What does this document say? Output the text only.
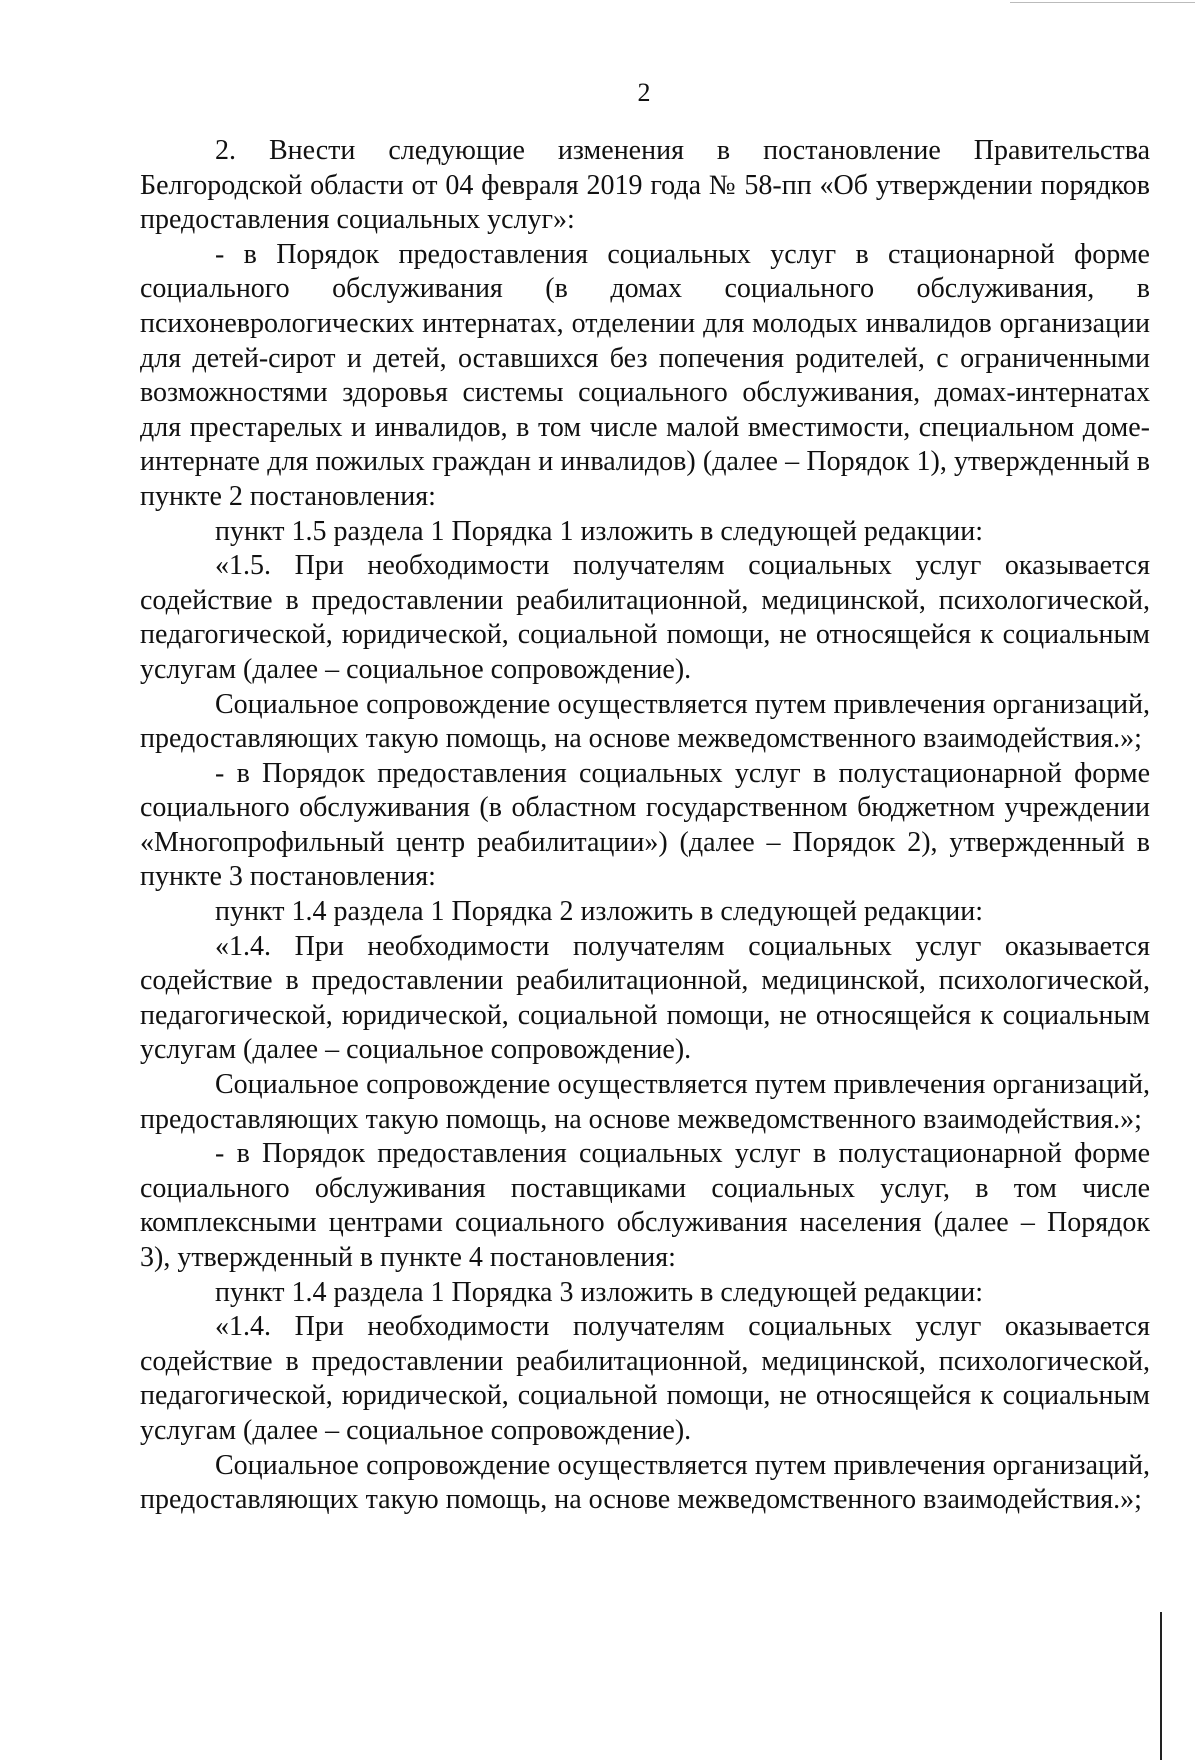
2

2. Внести следующие изменения в постановление Правительства Белгородской области от 04 февраля 2019 года № 58-пп «Об утверждении порядков предоставления социальных услуг»:

- в Порядок предоставления социальных услуг в стационарной форме социального обслуживания (в домах социального обслуживания, в психоневрологических интернатах, отделении для молодых инвалидов организации для детей-сирот и детей, оставшихся без попечения родителей, с ограниченными возможностями здоровья системы социального обслуживания, домах-интернатах для престарелых и инвалидов, в том числе малой вместимости, специальном доме-интернате для пожилых граждан и инвалидов) (далее – Порядок 1), утвержденный в пункте 2 постановления:

пункт 1.5 раздела 1 Порядка 1 изложить в следующей редакции:

«1.5. При необходимости получателям социальных услуг оказывается содействие в предоставлении реабилитационной, медицинской, психологической, педагогической, юридической, социальной помощи, не относящейся к социальным услугам (далее – социальное сопровождение).

Социальное сопровождение осуществляется путем привлечения организаций, предоставляющих такую помощь, на основе межведомственного взаимодействия.»;

- в Порядок предоставления социальных услуг в полустационарной форме социального обслуживания (в областном государственном бюджетном учреждении «Многопрофильный центр реабилитации») (далее – Порядок 2), утвержденный в пункте 3 постановления:

пункт 1.4 раздела 1 Порядка 2 изложить в следующей редакции:

«1.4. При необходимости получателям социальных услуг оказывается содействие в предоставлении реабилитационной, медицинской, психологической, педагогической, юридической, социальной помощи, не относящейся к социальным услугам (далее – социальное сопровождение).

Социальное сопровождение осуществляется путем привлечения организаций, предоставляющих такую помощь, на основе межведомственного взаимодействия.»;

- в Порядок предоставления социальных услуг в полустационарной форме социального обслуживания поставщиками социальных услуг, в том числе комплексными центрами социального обслуживания населения (далее – Порядок 3), утвержденный в пункте 4 постановления:

пункт 1.4 раздела 1 Порядка 3 изложить в следующей редакции:

«1.4. При необходимости получателям социальных услуг оказывается содействие в предоставлении реабилитационной, медицинской, психологической, педагогической, юридической, социальной помощи, не относящейся к социальным услугам (далее – социальное сопровождение).

Социальное сопровождение осуществляется путем привлечения организаций, предоставляющих такую помощь, на основе межведомственного взаимодействия.»;
